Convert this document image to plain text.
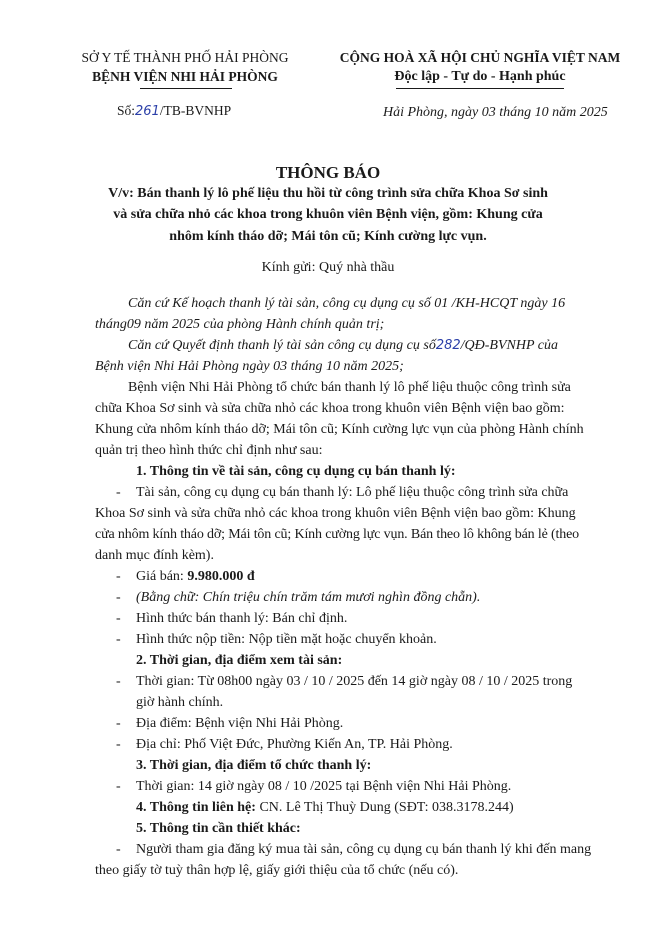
SỞ Y TẾ THÀNH PHỐ HẢI PHÒNG
BỆNH VIỆN NHI HẢI PHÒNG
Số:261/TB-BVNHP
CỘNG HOÀ XÃ HỘI CHỦ NGHĨA VIỆT NAM
Độc lập - Tự do - Hạnh phúc
Hải Phòng, ngày 03 tháng 10 năm 2025
THÔNG BÁO
V/v: Bán thanh lý lô phế liệu thu hồi từ công trình sửa chữa Khoa Sơ sinh
và sửa chữa nhỏ các khoa trong khuôn viên Bệnh viện, gồm: Khung cửa
nhôm kính tháo dỡ; Mái tôn cũ; Kính cường lực vụn.
Kính gửi: Quý nhà thầu
Căn cứ Kế hoạch thanh lý tài sản, công cụ dụng cụ số 01 /KH-HCQT ngày 16
tháng09 năm 2025 của phòng Hành chính quản trị;
Căn cứ Quyết định thanh lý tài sản công cụ dụng cụ số282/QĐ-BVNHP của
Bệnh viện Nhi Hải Phòng ngày 03 tháng 10 năm 2025;
Bệnh viện Nhi Hải Phòng tổ chức bán thanh lý lô phế liệu thuộc công trình sửa
chữa Khoa Sơ sinh và sửa chữa nhỏ các khoa trong khuôn viên Bệnh viện bao gồm:
Khung cửa nhôm kính tháo dỡ; Mái tôn cũ; Kính cường lực vụn của phòng Hành chính
quản trị theo hình thức chỉ định như sau:
1. Thông tin về tài sản, công cụ dụng cụ bán thanh lý:
- Tài sản, công cụ dụng cụ bán thanh lý: Lô phế liệu thuộc công trình sửa chữa
Khoa Sơ sinh và sửa chữa nhỏ các khoa trong khuôn viên Bệnh viện bao gồm: Khung
cửa nhôm kính tháo dỡ; Mái tôn cũ; Kính cường lực vụn. Bán theo lô không bán lẻ (theo
danh mục đính kèm).
- Giá bán: 9.980.000 đ
- (Bằng chữ: Chín triệu chín trăm tám mươi nghìn đồng chẵn).
- Hình thức bán thanh lý: Bán chỉ định.
- Hình thức nộp tiền: Nộp tiền mặt hoặc chuyển khoản.
2. Thời gian, địa điểm xem tài sản:
- Thời gian: Từ 08h00 ngày 03 / 10 / 2025 đến 14 giờ ngày 08 / 10 / 2025 trong
giờ hành chính.
- Địa điểm: Bệnh viện Nhi Hải Phòng.
- Địa chỉ: Phố Việt Đức, Phường Kiến An, TP. Hải Phòng.
3. Thời gian, địa điểm tổ chức thanh lý:
- Thời gian: 14 giờ ngày 08 / 10 /2025 tại Bệnh viện Nhi Hải Phòng.
4. Thông tin liên hệ: CN. Lê Thị Thuỳ Dung (SĐT: 038.3178.244)
5. Thông tin cần thiết khác:
- Người tham gia đăng ký mua tài sản, công cụ dụng cụ bán thanh lý khi đến mang
theo giấy tờ tuỳ thân hợp lệ, giấy giới thiệu của tổ chức (nếu có).
